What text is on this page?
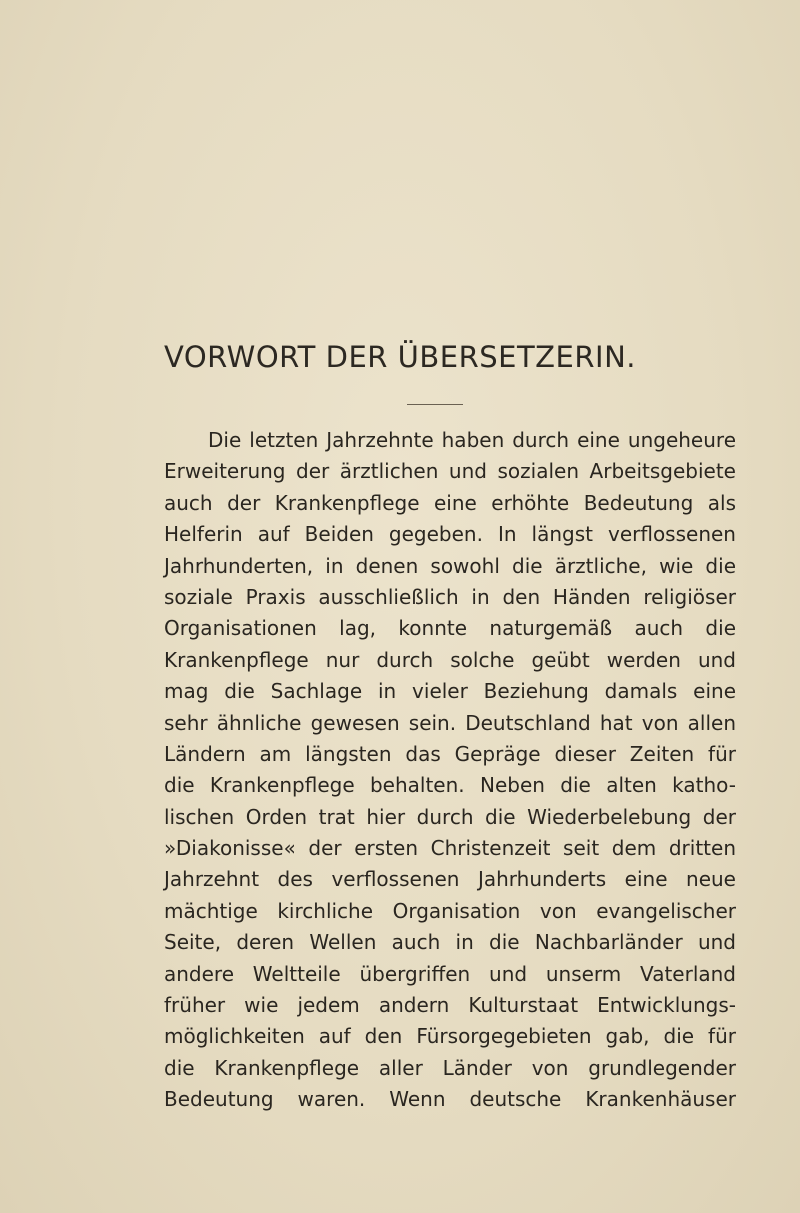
VORWORT DER ÜBERSETZERIN.
Die letzten Jahrzehnte haben durch eine ungeheure
Erweiterung der ärztlichen und sozialen Arbeitsgebiete
auch der Krankenpflege eine erhöhte Bedeutung als
Helferin auf Beiden gegeben. In längst verflossenen
Jahrhunderten, in denen sowohl die ärztliche, wie die
soziale Praxis ausschließlich in den Händen religiöser
Organisationen lag, konnte naturgemäß auch die
Krankenpflege nur durch solche geübt werden und
mag die Sachlage in vieler Beziehung damals eine
sehr ähnliche gewesen sein. Deutschland hat von allen
Ländern am längsten das Gepräge dieser Zeiten für
die Krankenpflege behalten. Neben die alten katho-
lischen Orden trat hier durch die Wiederbelebung der
»Diakonisse« der ersten Christenzeit seit dem dritten
Jahrzehnt des verflossenen Jahrhunderts eine neue
mächtige kirchliche Organisation von evangelischer
Seite, deren Wellen auch in die Nachbarländer und
andere Weltteile übergriffen und unserm Vaterland
früher wie jedem andern Kulturstaat Entwicklungs-
möglichkeiten auf den Fürsorgegebieten gab, die für
die Krankenpflege aller Länder von grundlegender
Bedeutung waren. Wenn deutsche Krankenhäuser
